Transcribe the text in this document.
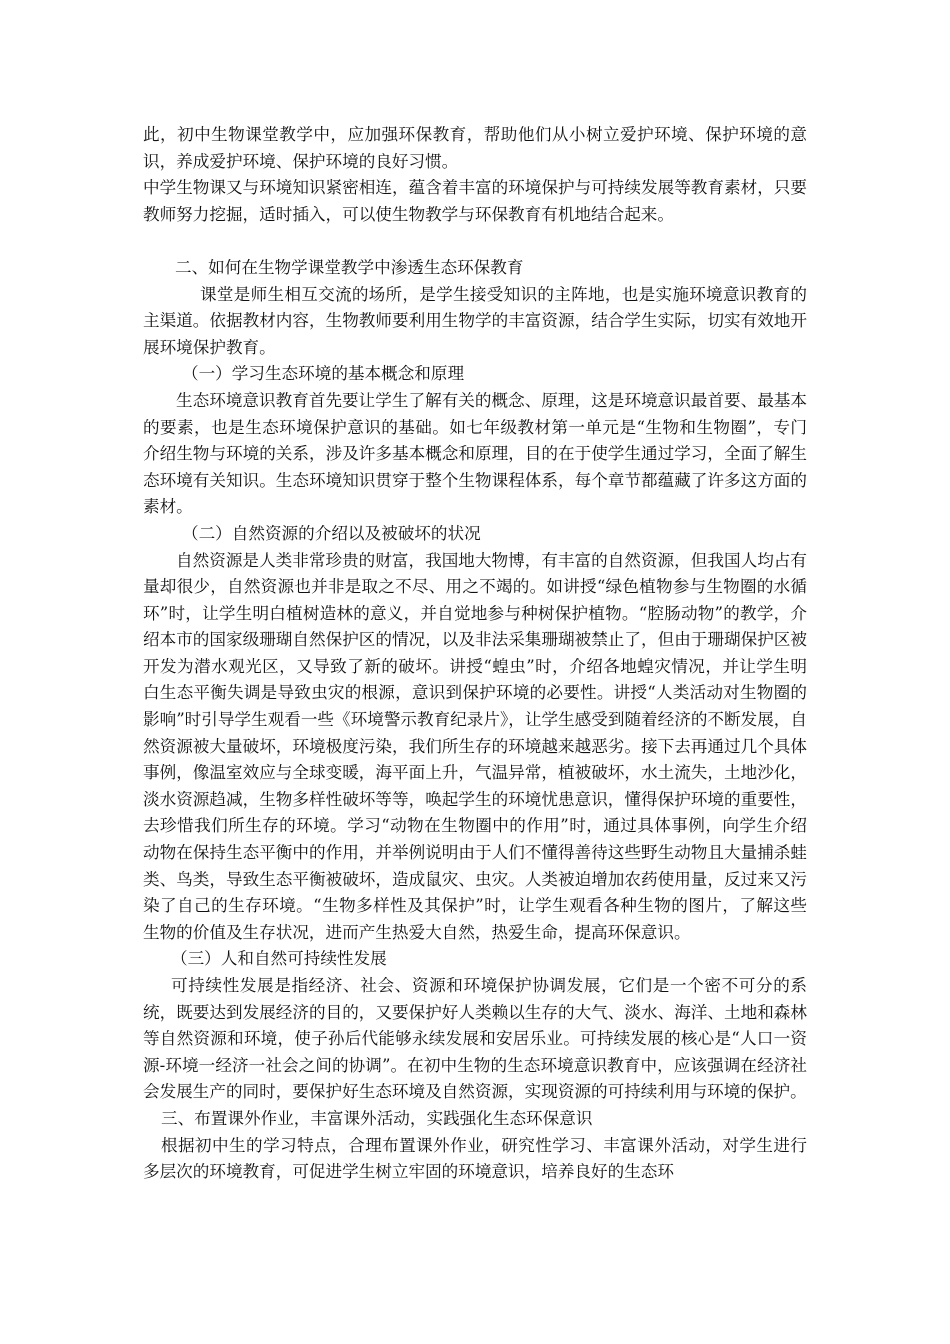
此，初中生物课堂教学中，应加强环保教育，帮助他们从小树立爱护环境、保护环境的意识，养成爱护环境、保护环境的良好习惯。

中学生物课又与环境知识紧密相连，蕴含着丰富的环境保护与可持续发展等教育素材，只要教师努力挖掘，适时插入，可以使生物教学与环保教育有机地结合起来。

二、如何在生物学课堂教学中渗透生态环保教育

课堂是师生相互交流的场所，是学生接受知识的主阵地，也是实施环境意识教育的主渠道。依据教材内容，生物教师要利用生物学的丰富资源，结合学生实际，切实有效地开展环境保护教育。

（一）学习生态环境的基本概念和原理

生态环境意识教育首先要让学生了解有关的概念、原理，这是环境意识最首要、最基本的要素，也是生态环境保护意识的基础。如七年级教材第一单元是“生物和生物圈”，专门介绍生物与环境的关系，涉及许多基本概念和原理，目的在于使学生通过学习，全面了解生态环境有关知识。生态环境知识贯穿于整个生物课程体系，每个章节都蕴藏了许多这方面的素材。

（二）自然资源的介绍以及被破坏的状况

自然资源是人类非常珍贵的财富，我国地大物博，有丰富的自然资源，但我国人均占有量却很少，自然资源也并非是取之不尽、用之不竭的。如讲授“绿色植物参与生物圈的水循环”时，让学生明白植树造林的意义，并自觉地参与种树保护植物。“腔肠动物”的教学，介绍本市的国家级珊瑚自然保护区的情况，以及非法采集珊瑚被禁止了，但由于珊瑚保护区被开发为潜水观光区，又导致了新的破坏。讲授“蝗虫”时，介绍各地蝗灾情况，并让学生明白生态平衡失调是导致虫灾的根源，意识到保护环境的必要性。讲授“人类活动对生物圈的影响”时引导学生观看一些《环境警示教育纪录片》，让学生感受到随着经济的不断发展，自然资源被大量破坏，环境极度污染，我们所生存的环境越来越恶劣。接下去再通过几个具体事例，像温室效应与全球变暖，海平面上升，气温异常，植被破坏，水土流失，土地沙化，淡水资源趋减，生物多样性破坏等等，唤起学生的环境忧患意识，懂得保护环境的重要性，去珍惜我们所生存的环境。学习“动物在生物圈中的作用”时，通过具体事例，向学生介绍动物在保持生态平衡中的作用，并举例说明由于人们不懂得善待这些野生动物且大量捕杀蛙类、鸟类，导致生态平衡被破坏，造成鼠灾、虫灾。人类被迫增加农药使用量，反过来又污染了自己的生存环境。“生物多样性及其保护”时，让学生观看各种生物的图片，了解这些生物的价值及生存状况，进而产生热爱大自然，热爱生命，提高环保意识。

（三）人和自然可持续性发展

可持续性发展是指经济、社会、资源和环境保护协调发展，它们是一个密不可分的系统，既要达到发展经济的目的，又要保护好人类赖以生存的大气、淡水、海洋、土地和森林等自然资源和环境，使子孙后代能够永续发展和安居乐业。可持续发展的核心是“人口一资源-环境一经济一社会之间的协调”。在初中生物的生态环境意识教育中，应该强调在经济社会发展生产的同时，要保护好生态环境及自然资源，实现资源的可持续利用与环境的保护。

三、布置课外作业，丰富课外活动，实践强化生态环保意识

根据初中生的学习特点，合理布置课外作业，研究性学习、丰富课外活动，对学生进行多层次的环境教育，可促进学生树立牢固的环境意识，培养良好的生态环
